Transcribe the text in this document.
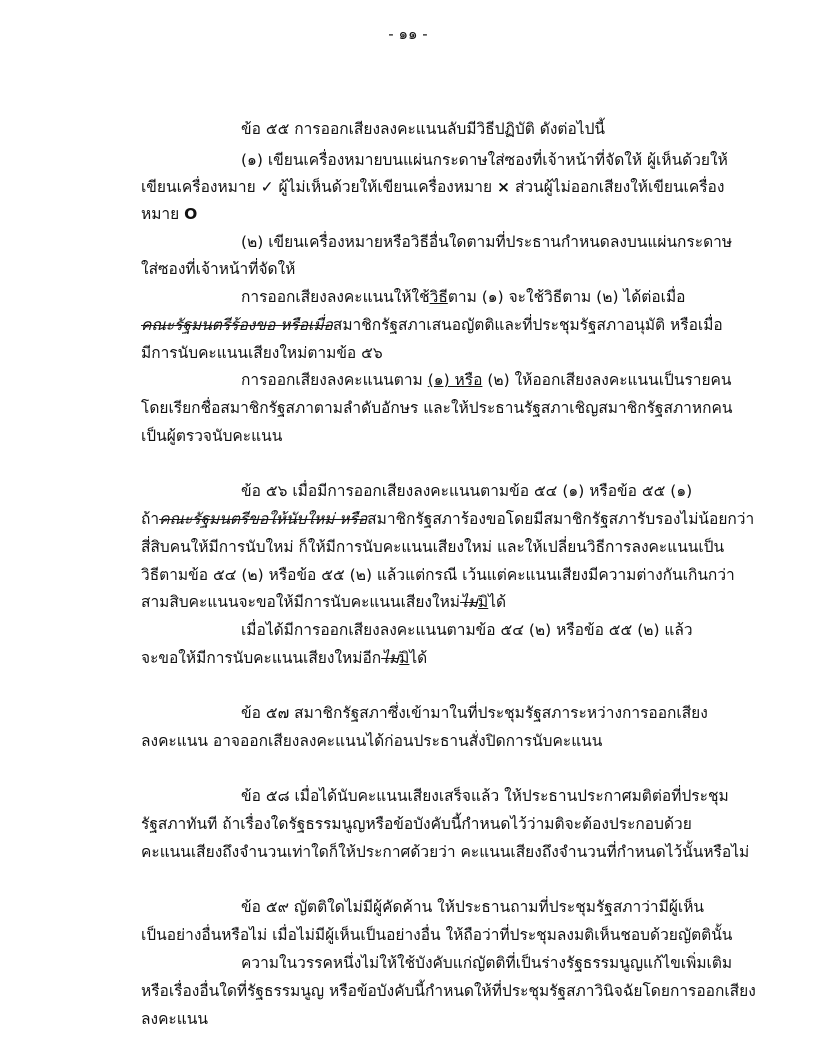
- ๑๑ -
ข้อ ๕๕ การออกเสียงลงคะแนนลับมีวิธีปฏิบัติ ดังต่อไปนี้
(๑) เขียนเครื่องหมายบนแผ่นกระดาษใส่ซองที่เจ้าหน้าที่จัดให้ ผู้เห็นด้วยให้
เขียนเครื่องหมาย ✓ ผู้ไม่เห็นด้วยให้เขียนเครื่องหมาย × ส่วนผู้ไม่ออกเสียงให้เขียนเครื่อง
หมาย O
(๒) เขียนเครื่องหมายหรือวิธีอื่นใดตามที่ประธานกำหนดลงบนแผ่นกระดาษ
ใส่ซองที่เจ้าหน้าที่จัดให้
การออกเสียงลงคะแนนให้ใช้วิธีตาม (๑) จะใช้วิธีตาม (๒) ได้ต่อเมื่อ
คณะรัฐมนตรีร้องขอ หรือเมื่อสมาชิกรัฐสภาเสนอญัตติและที่ประชุมรัฐสภาอนุมัติ หรือเมื่อ
มีการนับคะแนนเสียงใหม่ตามข้อ ๕๖
การออกเสียงลงคะแนนตาม (๑) หรือ (๒) ให้ออกเสียงลงคะแนนเป็นรายคน
โดยเรียกชื่อสมาชิกรัฐสภาตามลำดับอักษร และให้ประธานรัฐสภาเชิญสมาชิกรัฐสภาหกคน
เป็นผู้ตรวจนับคะแนน
ข้อ ๕๖ เมื่อมีการออกเสียงลงคะแนนตามข้อ ๕๔ (๑) หรือข้อ ๕๕ (๑)
ถ้าคณะรัฐมนตรีขอให้นับใหม่ หรือสมาชิกรัฐสภาร้องขอโดยมีสมาชิกรัฐสภารับรองไม่น้อยกว่า
สี่สิบคนให้มีการนับใหม่ ก็ให้มีการนับคะแนนเสียงใหม่ และให้เปลี่ยนวิธีการลงคะแนนเป็น
วิธีตามข้อ ๕๔ (๒) หรือข้อ ๕๕ (๒) แล้วแต่กรณี เว้นแต่คะแนนเสียงมีความต่างกันเกินกว่า
สามสิบคะแนนจะขอให้มีการนับคะแนนเสียงใหม่ไม่มิได้
เมื่อได้มีการออกเสียงลงคะแนนตามข้อ ๕๔ (๒) หรือข้อ ๕๕ (๒) แล้ว
จะขอให้มีการนับคะแนนเสียงใหม่อีกไม่มิได้
ข้อ ๕๗ สมาชิกรัฐสภาซึ่งเข้ามาในที่ประชุมรัฐสภาระหว่างการออกเสียง
ลงคะแนน อาจออกเสียงลงคะแนนได้ก่อนประธานสั่งปิดการนับคะแนน
ข้อ ๕๘ เมื่อได้นับคะแนนเสียงเสร็จแล้ว ให้ประธานประกาศมติต่อที่ประชุม
รัฐสภาทันที ถ้าเรื่องใดรัฐธรรมนูญหรือข้อบังคับนี้กำหนดไว้ว่ามติจะต้องประกอบด้วย
คะแนนเสียงถึงจำนวนเท่าใดก็ให้ประกาศด้วยว่า คะแนนเสียงถึงจำนวนที่กำหนดไว้นั้นหรือไม่
ข้อ ๕๙ ญัตติใดไม่มีผู้คัดค้าน ให้ประธานถามที่ประชุมรัฐสภาว่ามีผู้เห็น
เป็นอย่างอื่นหรือไม่ เมื่อไม่มีผู้เห็นเป็นอย่างอื่น ให้ถือว่าที่ประชุมลงมติเห็นชอบด้วยญัตตินั้น
ความในวรรคหนึ่งไม่ให้ใช้บังคับแก่ญัตติที่เป็นร่างรัฐธรรมนูญแก้ไขเพิ่มเติม
หรือเรื่องอื่นใดที่รัฐธรรมนูญ หรือข้อบังคับนี้กำหนดให้ที่ประชุมรัฐสภาวินิจฉัยโดยการออกเสียง
ลงคะแนน
